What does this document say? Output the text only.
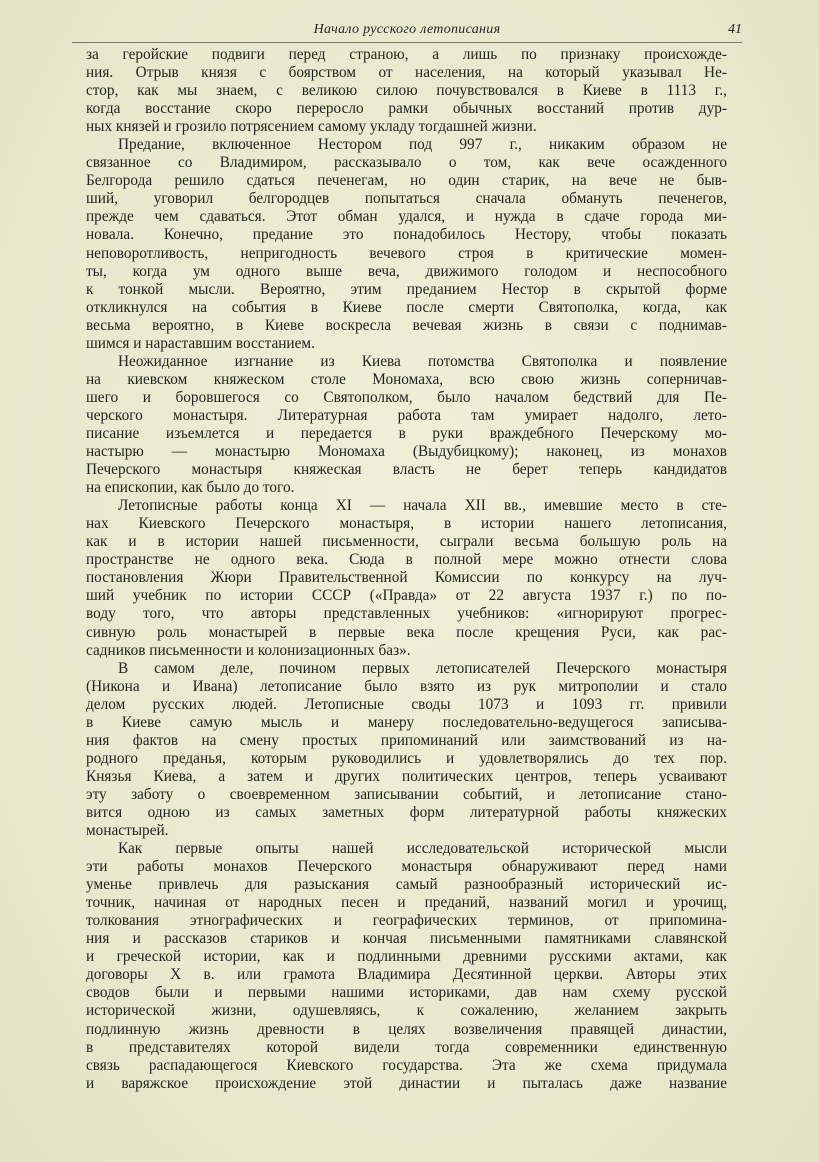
Начало русского летописания	41
за геройские подвиги перед страною, а лишь по признаку происхожде-
ния. Отрыв князя с боярством от населения, на который указывал Не-
стор, как мы знаем, с великою силою почувствовался в Киеве в 1113 г.,
когда восстание скоро переросло рамки обычных восстаний против дур-
ных князей и грозило потрясением самому укладу тогдашней жизни.
Предание, включенное Нестором под 997 г., никаким образом не
связанное со Владимиром, рассказывало о том, как вече осажденного
Белгорода решило сдаться печенегам, но один старик, на вече не быв-
ший, уговорил белгородцев попытаться сначала обмануть печенегов,
прежде чем сдаваться. Этот обман удался, и нужда в сдаче города ми-
новала. Конечно, предание это понадобилось Нестору, чтобы показать
неповоротливость, непригодность вечевого строя в критические момен-
ты, когда ум одного выше веча, движимого голодом и неспособного
к тонкой мысли. Вероятно, этим преданием Нестор в скрытой форме
откликнулся на события в Киеве после смерти Святополка, когда, как
весьма вероятно, в Киеве воскресла вечевая жизнь в связи с поднимав-
шимся и нараставшим восстанием.
Неожиданное изгнание из Киева потомства Святополка и появление
на киевском княжеском столе Мономаха, всю свою жизнь соперничав-
шего и боровшегося со Святополком, было началом бедствий для Пе-
черского монастыря. Литературная работа там умирает надолго, лето-
писание изъемлется и передается в руки враждебного Печерскому мо-
настырю — монастырю Мономаха (Выдубицкому); наконец, из монахов
Печерского монастыря княжеская власть не берет теперь кандидатов
на епископии, как было до того.
Летописные работы конца XI — начала XII вв., имевшие место в сте-
нах Киевского Печерского монастыря, в истории нашего летописания,
как и в истории нашей письменности, сыграли весьма большую роль на
пространстве не одного века. Сюда в полной мере можно отнести слова
постановления Жюри Правительственной Комиссии по конкурсу на луч-
ший учебник по истории СССР («Правда» от 22 августа 1937 г.) по по-
воду того, что авторы представленных учебников: «игнорируют прогрес-
сивную роль монастырей в первые века после крещения Руси, как рас-
садников письменности и колонизационных баз».
В самом деле, почином первых летописателей Печерского монастыря
(Никона и Ивана) летописание было взято из рук митрополии и стало
делом русских людей. Летописные своды 1073 и 1093 гг. привили
в Киеве самую мысль и манеру последовательно-ведущегося записыва-
ния фактов на смену простых припоминаний или заимствований из на-
родного преданья, которым руководились и удовлетворялись до тех пор.
Князья Киева, а затем и других политических центров, теперь усваивают
эту заботу о своевременном записывании событий, и летописание стано-
вится одною из самых заметных форм литературной работы княжеских
монастырей.
Как первые опыты нашей исследовательской исторической мысли
эти работы монахов Печерского монастыря обнаруживают перед нами
уменье привлечь для разыскания самый разнообразный исторический ис-
точник, начиная от народных песен и преданий, названий могил и урочищ,
толкования этнографических и географических терминов, от припомина-
ния и рассказов стариков и кончая письменными памятниками славянской
и греческой истории, как и подлинными древними русскими актами, как
договоры X в. или грамота Владимира Десятинной церкви. Авторы этих
сводов были и первыми нашими историками, дав нам схему русской
исторической жизни, одушевляясь, к сожалению, желанием закрыть
подлинную жизнь древности в целях возвеличения правящей династии,
в представителях которой видели тогда современники единственную
связь распадающегося Киевского государства. Эта же схема придумала
и варяжское происхождение этой династии и пыталась даже название
